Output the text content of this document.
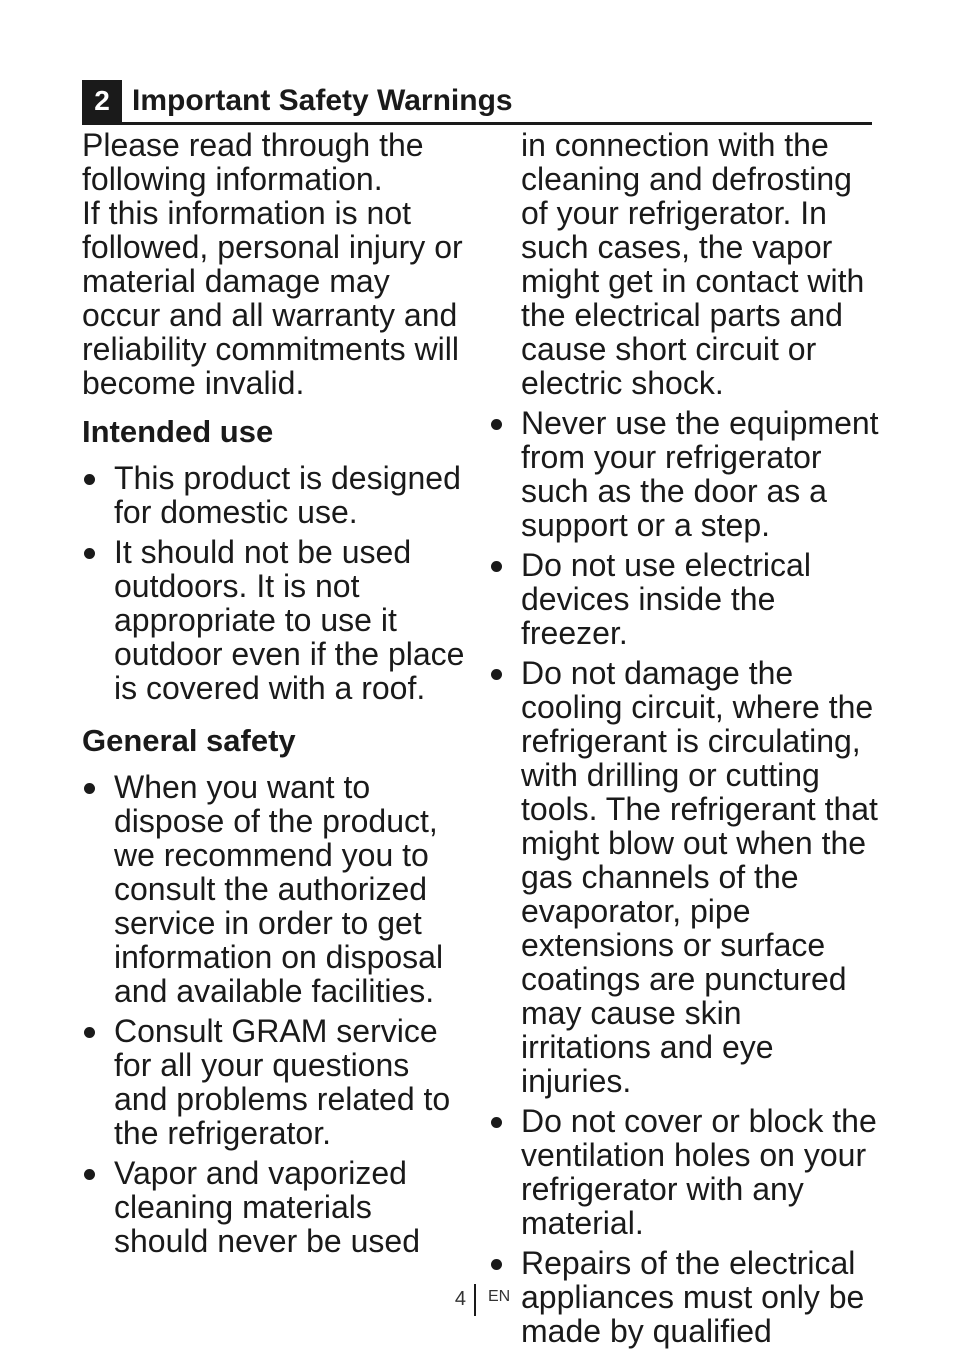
2 Important Safety Warnings

Please read through the following information.

If this information is not followed, personal injury or material damage may occur and all warranty and reliability commitments will become invalid.

Intended use
This product is designed for domestic use.
It should not be used outdoors. It is not appropriate to use it outdoor even if the place is covered with a roof.
General safety
When you want to dispose of the product, we recommend you to consult the authorized service in order to get information on disposal and available facilities.
Consult GRAM service for all your questions and problems related to the refrigerator.
Vapor and vaporized cleaning materials should never be used

in connection with the cleaning and defrosting of your refrigerator. In such cases, the vapor might get in contact with the electrical parts and cause short circuit or electric shock.

Never use the equipment from your refrigerator such as the door as a support or a step.
Do not use electrical devices inside the freezer.
Do not damage the cooling circuit, where the refrigerant is circulating, with drilling or cutting tools. The refrigerant that might blow out when the gas channels of the evaporator, pipe extensions or surface coatings are punctured may cause skin irritations and eye injuries.
Do not cover or block the ventilation holes on your refrigerator with any material.
Repairs of the electrical appliances must only be made by qualified
4 EN
